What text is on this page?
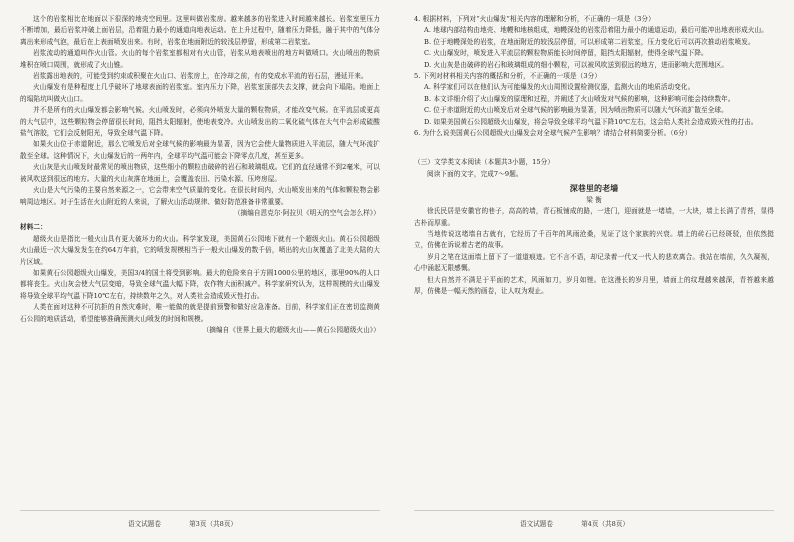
这个的岩浆相比在地面以下很深的地壳空间里。这里叫做岩浆房。越来越多的岩浆进入时间越来越长。岩浆室里压力不断增加，最后岩浆冲破上面岩层，沿着阻力最小的通道向地表运动。在上升过程中，随着压力降低，融于其中的气体分离出来形成气泡，最后在上表面喷发出来。有时，岩浆在地面附近的较浅层停留，形成第二岩浆室。

岩浆流动的通道叫作火山管。火山的每个岩浆室都相对有火山管，岩浆从地表喷出的地方叫做喷口。火山喷出的物质堆积在喷口周围，就形成了火山锥。

岩浆露出地表的，可能受到约束或积聚在火山口、岩浆房上，在冷却之前，有的变成水平流的岩石层，漫延开来。

火山爆发有是种程度上几乎破坏了地球表面的岩浆室。室内压力下降，岩浆室顶部失去支撑，就会向下塌陷。地面上的塌陷坑叫做火山口。

并不是所有的火山爆发都会影响气候。火山喷发时，必须向外喷发大量的颗粒物质，才能改变气候。在平流层或更高的大气层中，这些颗粒物会停留很长时间，阻挡太阳辐射，使地表变冷。火山喷发出的二氧化硫气体在大气中会形成硫酸盐气溶胶，它们会反射阳光，导致全球气温下降。

如果火山位于赤道附近，那么它喷发后对全球气候的影响最为显著，因为它会使大量物质进入平流层，随大气环流扩散至全球。这种情况下，火山爆发后的一两年内，全球平均气温可能会下降零点几度，甚至更多。

火山灰是火山喷发时最常见的喷出物质，这些细小的颗粒由破碎的岩石和玻璃组成。它们的直径通常不到2毫米，可以被风吹送到很远的地方。大量的火山灰落在地面上，会覆盖农田、污染水源、压垮房屋。

火山是大气污染的主要自然来源之一，它会带来空气质量的变化。在很长时间内，火山喷发出来的气体和颗粒物会影响周边地区。对于生活在火山附近的人来说，了解火山活动规律、做好防范准备非常重要。

（摘编自恩克尔·阿拉贝《明天的空气会怎么样》）

材料二：

超级火山是指比一般火山具有更大破坏力的火山。科学家发现，美国黄石公园地下就有一个超级火山。黄石公园超级火山最近一次大爆发发生在约64万年前，它的喷发规模相当于一般火山爆发的数千倍，喷出的火山灰覆盖了北美大陆的大片区域。

如果黄石公园超级火山爆发，美国3/4的国土将受到影响。最大的危险来自于方圆1000公里的地区，那里90%的人口都将丧生。火山灰会使大气层变暗，导致全球气温大幅下降，农作物大面积减产。科学家研究认为，这样规模的火山爆发将导致全球平均气温下降10℃左右，持续数年之久，对人类社会造成毁灭性打击。

人类在面对这种不可抗拒的自然灾难时，唯一能做的就是提前预警和做好应急准备。目前，科学家们正在密切监测黄石公园的地质活动，希望能够准确预测火山喷发的时间和规模。

（摘编自《世界上最大的超级火山——黄石公园超级火山》）

4. 根据材料，下列对“火山爆发”相关内容的理解和分析，不正确的一项是（3分）

A. 地球内部结构由地壳、地幔和地核组成，地幔深处的岩浆沿着阻力最小的通道运动，最后可能冲出地表形成火山。

B. 位于地幔深处的岩浆，在地面附近的较浅层停留，可以形成第二岩浆室，压力变化后可以再次推动岩浆喷发。

C. 火山爆发时，喷发进入平流层的颗粒物质能长时间停留，阻挡太阳辐射，使得全球气温下降。

D. 火山灰是由破碎的岩石和玻璃组成的细小颗粒，可以被风吹送到很远的地方，进而影响大范围地区。

5. 下列对材料相关内容的概括和分析，不正确的一项是（3分）

A. 科学家们可以在他们认为可能爆发的火山周围设置检测仪器，监测火山的地质活动变化。

B. 本文详细介绍了火山爆发的原理和过程，并阐述了火山喷发对气候的影响，这种影响可能会持续数年。

C. 位于赤道附近的火山喷发后对全球气候的影响最为显著，因为喷出物质可以随大气环流扩散至全球。

D. 如果美国黄石公园超级火山爆发，将会导致全球平均气温下降10℃左右，这会给人类社会造成毁灭性的打击。

6. 为什么说美国黄石公园超级火山爆发会对全球气候产生影响？请结合材料简要分析。（6分）

（三）文学类文本阅读（本题共3小题，15分）

阅读下面的文字，完成7～9题。

深巷里的老墙

梁 衡

徐氏民居是安徽官的巷子，高高的墙，青石板铺成的路，一进门，迎面就是一堵墙，一大块，墙上长满了青苔，显得古朴而厚重。

当地传说这堵墙自古就有，它经历了千百年的风雨沧桑，见证了这个家族的兴衰。墙上的砖石已经斑驳，但依然挺立，仿佛在诉说着古老的故事。

岁月之笔在这面墙上留下了一道道痕迹。它不言不语，却记录着一代又一代人的悲欢离合。我站在墙前，久久凝视，心中涌起无限感慨。

但大自然并不满足于平面的艺术，风雨如刀，岁月如锉。在这漫长的岁月里，墙面上的纹理越来越深，青苔越来越厚，仿佛是一幅天然的画卷，让人叹为观止。

语文试题卷	第3页（共8页）	语文试题卷	第4页（共8页）
